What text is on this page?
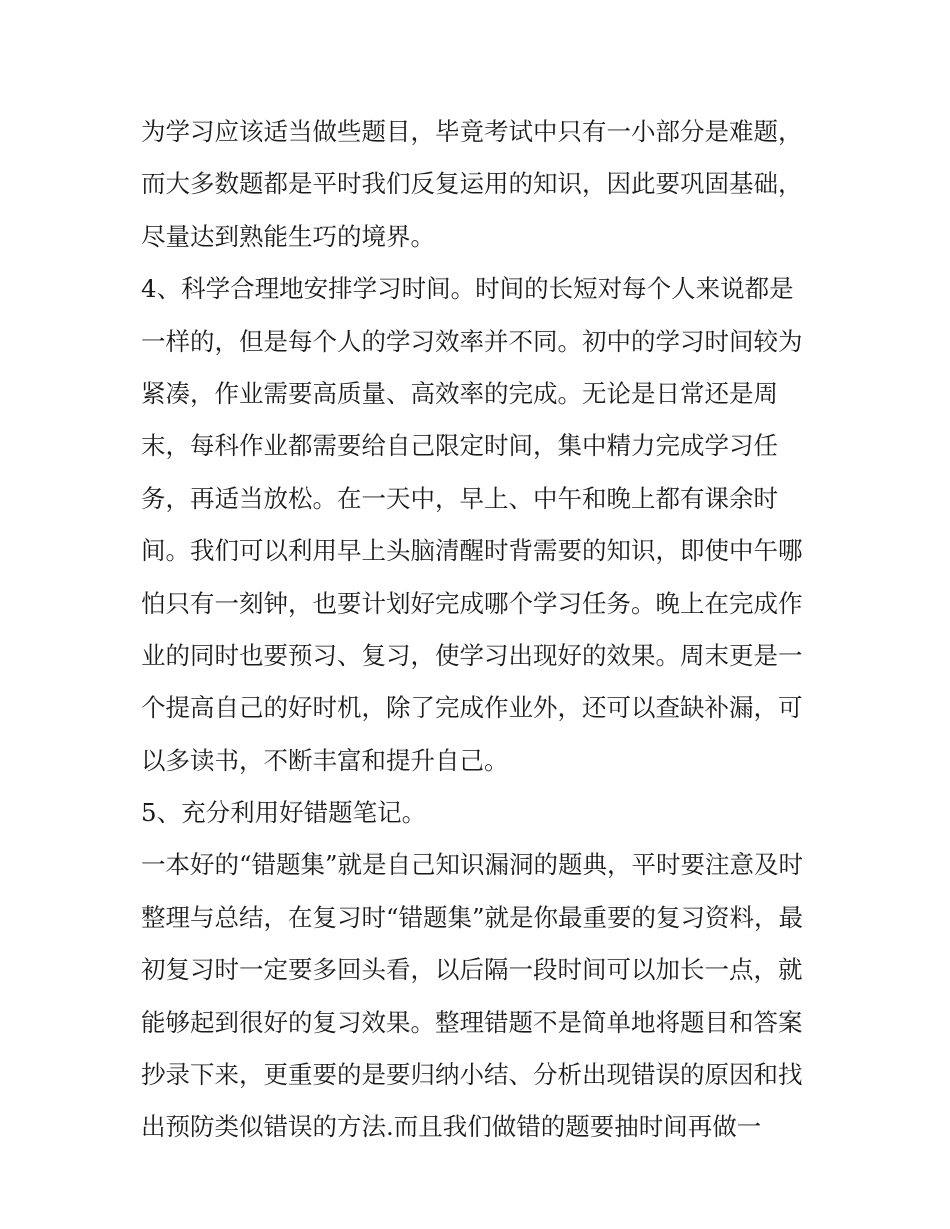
为学习应该适当做些题目，毕竟考试中只有一小部分是难题，
而大多数题都是平时我们反复运用的知识，因此要巩固基础，
尽量达到熟能生巧的境界。
4、科学合理地安排学习时间。时间的长短对每个人来说都是
一样的，但是每个人的学习效率并不同。初中的学习时间较为
紧凑，作业需要高质量、高效率的完成。无论是日常还是周
末，每科作业都需要给自己限定时间，集中精力完成学习任
务，再适当放松。在一天中，早上、中午和晚上都有课余时
间。我们可以利用早上头脑清醒时背需要的知识，即使中午哪
怕只有一刻钟，也要计划好完成哪个学习任务。晚上在完成作
业的同时也要预习、复习，使学习出现好的效果。周末更是一
个提高自己的好时机，除了完成作业外，还可以查缺补漏，可
以多读书，不断丰富和提升自己。
5、充分利用好错题笔记。
一本好的“错题集”就是自己知识漏洞的题典，平时要注意及时
整理与总结，在复习时“错题集”就是你最重要的复习资料，最
初复习时一定要多回头看，以后隔一段时间可以加长一点，就
能够起到很好的复习效果。整理错题不是简单地将题目和答案
抄录下来，更重要的是要归纳小结、分析出现错误的原因和找
出预防类似错误的方法.而且我们做错的题要抽时间再做一
